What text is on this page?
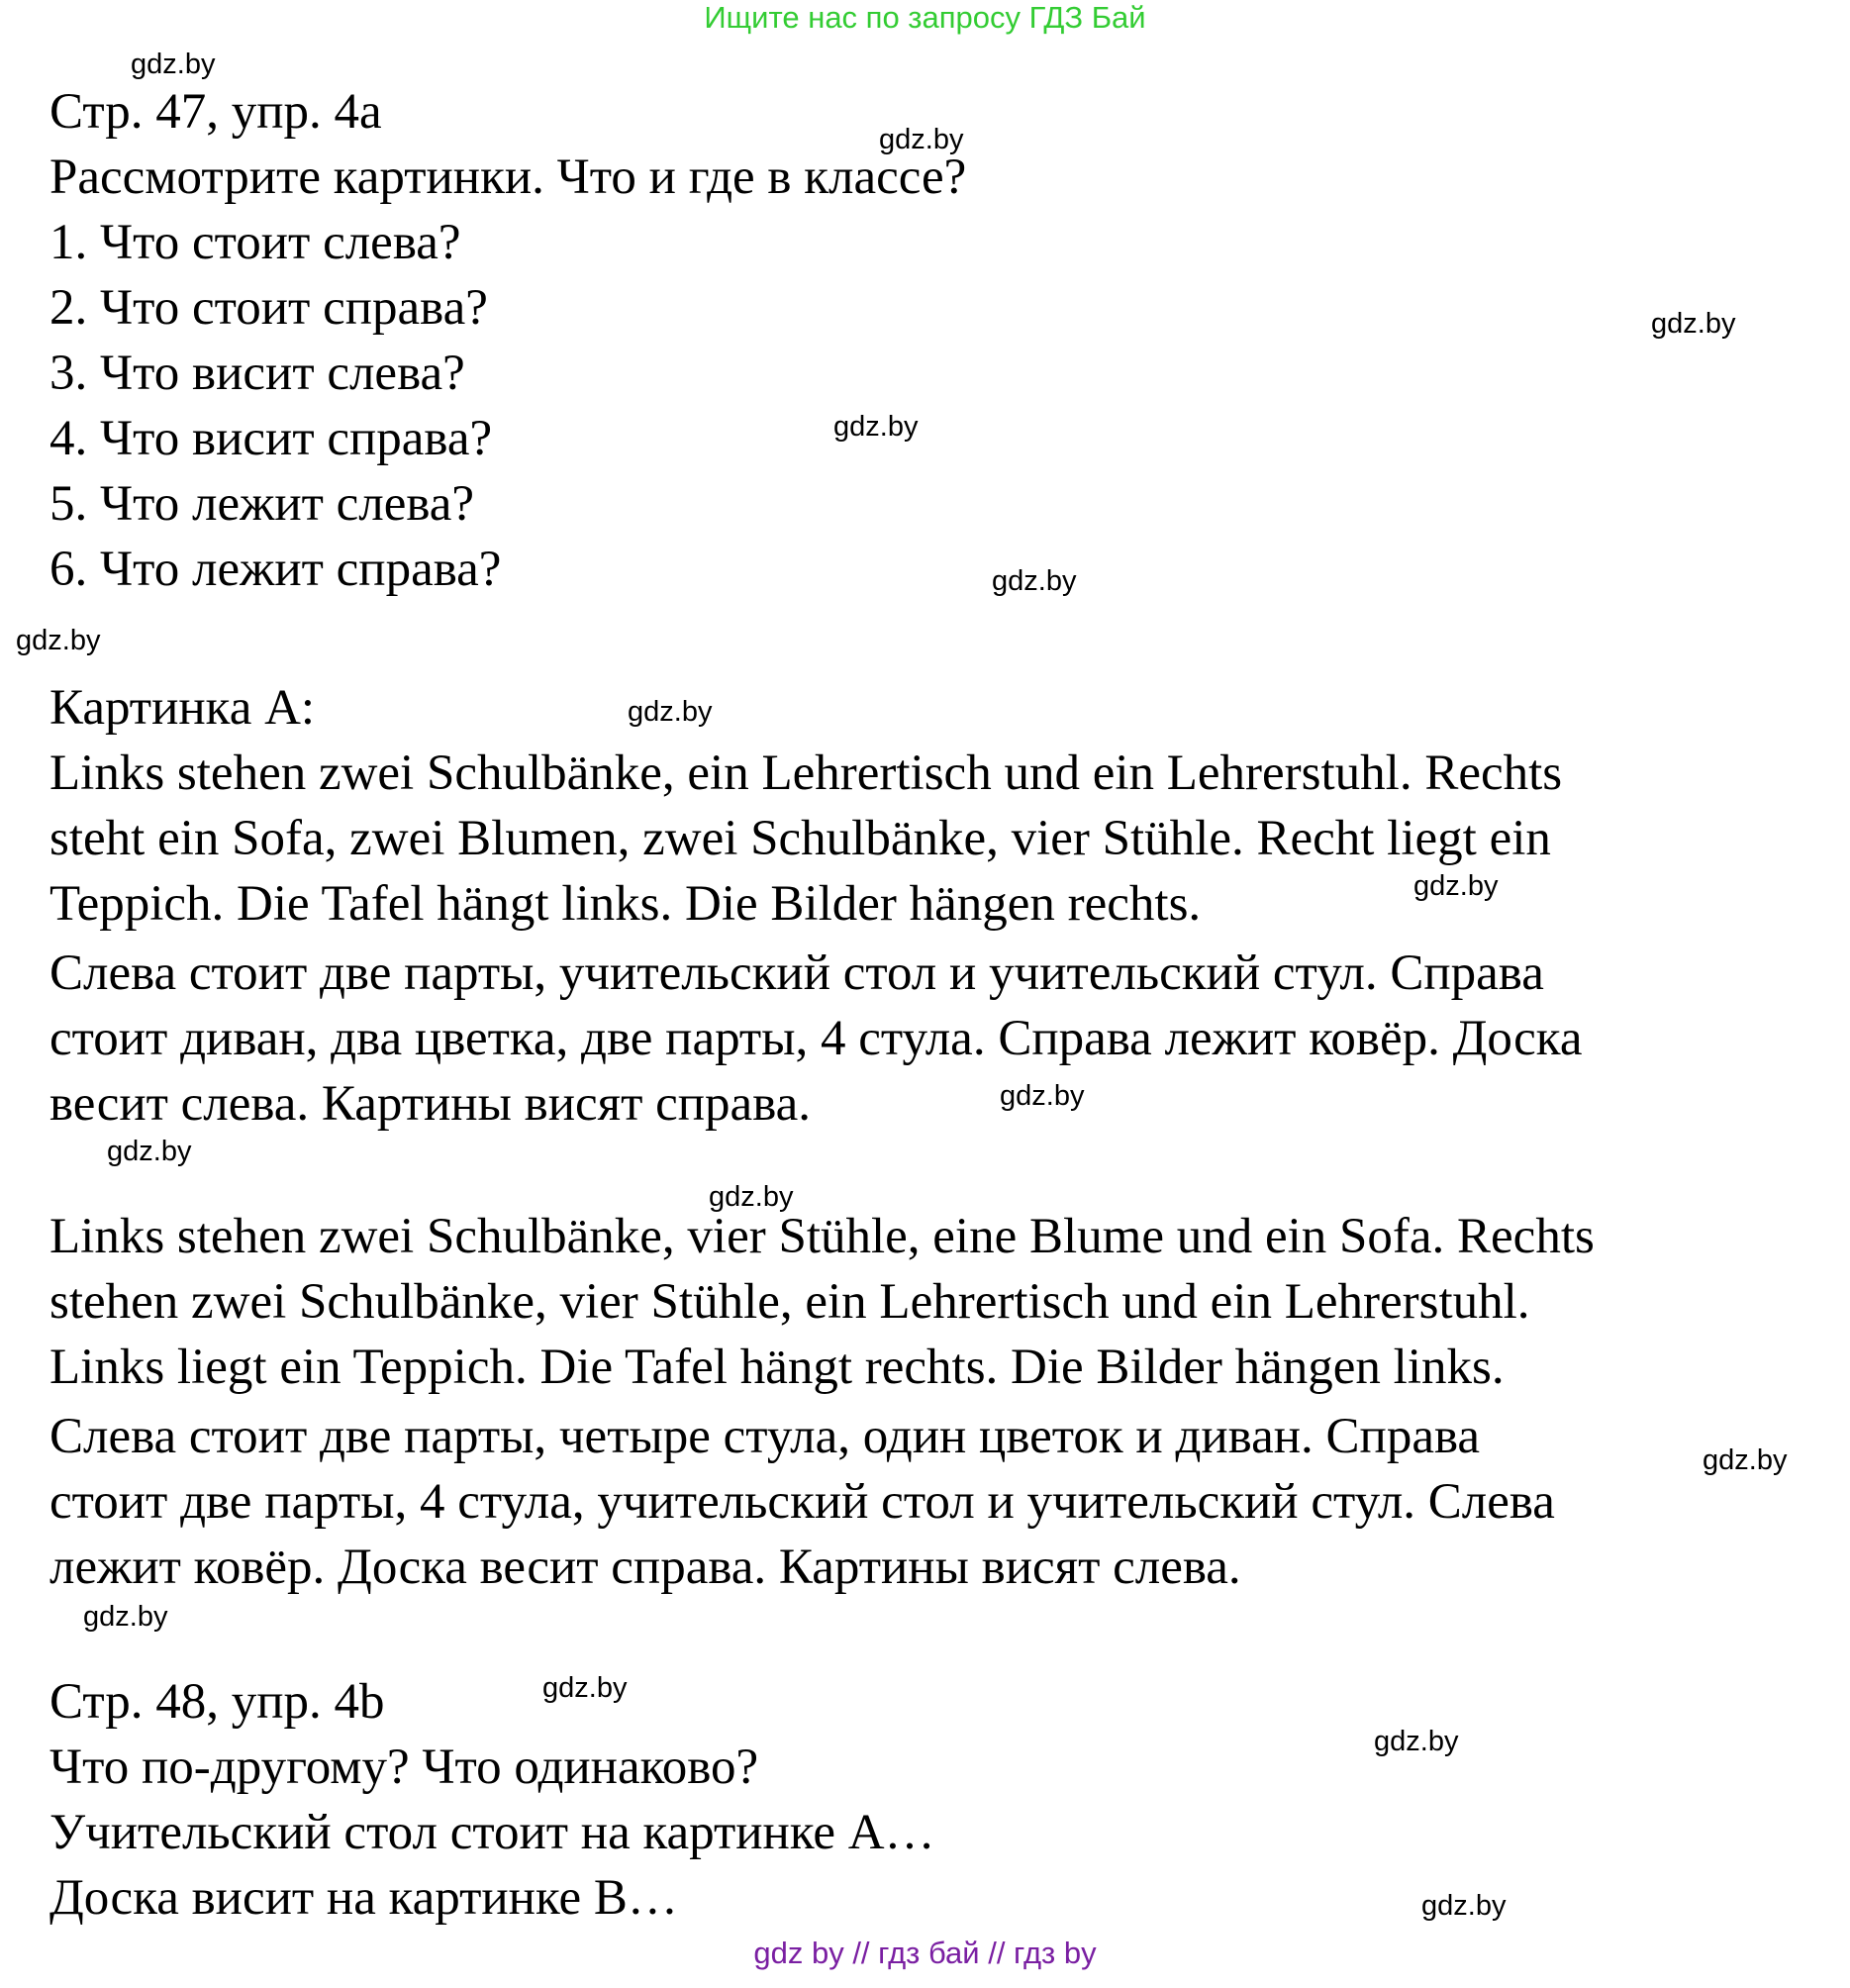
Ищите нас по запросу ГДЗ Бай
Стр. 47, упр. 4а
Рассмотрите картинки. Что и где в классе?
1. Что стоит слева?
2. Что стоит справа?
3. Что висит слева?
4. Что висит справа?
5. Что лежит слева?
6. Что лежит справа?
Картинка А:
Links stehen zwei Schulbänke, ein Lehrertisch und ein Lehrerstuhl. Rechts
steht ein Sofa, zwei Blumen, zwei Schulbänke, vier Stühle. Recht liegt ein
Teppich. Die Tafel hängt links. Die Bilder hängen rechts.
Слева стоит две парты, учительский стол и учительский стул. Справа
стоит диван, два цветка, две парты, 4 стула. Справа лежит ковёр. Доска
весит слева. Картины висят справа.
Links stehen zwei Schulbänke, vier Stühle, eine Blume und ein Sofa. Rechts
stehen zwei Schulbänke, vier Stühle, ein Lehrertisch und ein Lehrerstuhl.
Links liegt ein Teppich. Die Tafel hängt rechts. Die Bilder hängen links.
Слева стоит две парты, четыре стула, один цветок и диван. Справа
стоит две парты, 4 стула, учительский стол и учительский стул. Слева
лежит ковёр. Доска весит справа. Картины висят слева.
Стр. 48, упр. 4b
Что по-другому? Что одинаково?
Учительский стол стоит на картинке А…
Доска висит на картинке В…
gdz.by
gdz.by
gdz.by
gdz.by
gdz.by
gdz.by
gdz.by
gdz.by
gdz.by
gdz.by
gdz.by
gdz.by
gdz.by
gdz.by
gdz.by
gdz.by
gdz by // гдз бай // гдз by
